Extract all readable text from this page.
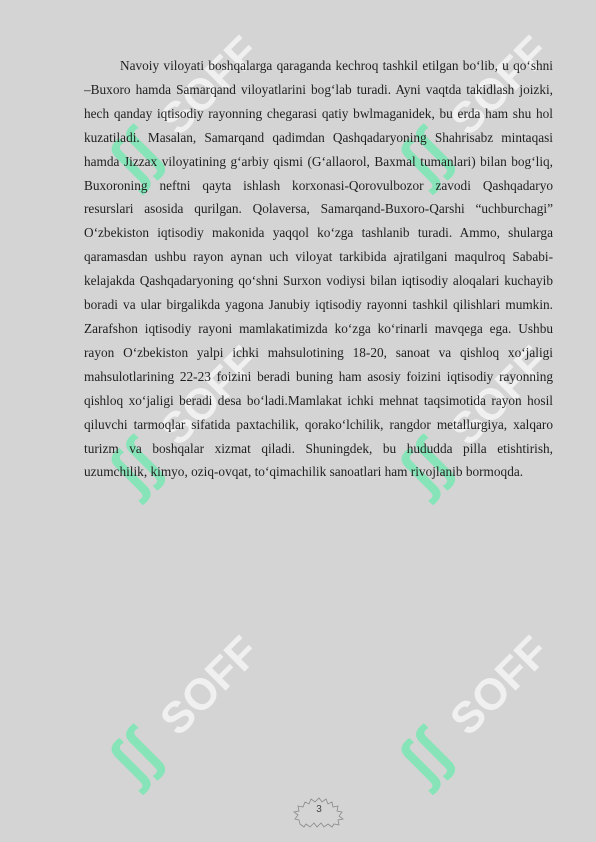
ʃʃ
SOFF
ʃʃ
SOFF
ʃʃ
SOFF
ʃʃ
SOFF
ʃʃ
SOFF
ʃʃ
SOFF

Navoiy viloyati boshqalarga qaraganda kechroq tashkil etilgan bo‘lib, u qo‘shni –Buxoro hamda Samarqand viloyatlarini bog‘lab turadi. Ayni vaqtda takidlash joizki, hech qanday iqtisodiy rayonning chegarasi qatiy bwlmaganidek, bu erda ham shu hol kuzatiladi. Masalan, Samarqand qadimdan Qashqadaryoning Shahrisabz mintaqasi hamda Jizzax viloyatining g‘arbiy qismi (G‘allaorol, Baxmal tumanlari) bilan bog‘liq, Buxoroning neftni qayta ishlash korxonasi-Qorovulbozor zavodi Qashqadaryo resurslari asosida qurilgan. Qolaversa, Samarqand-Buxoro-Qarshi “uchburchagi” O‘zbekiston iqtisodiy makonida yaqqol ko‘zga tashlanib turadi. Ammo, shularga qaramasdan ushbu rayon aynan uch viloyat tarkibida ajratilgani maqulroq Sababi-kelajakda Qashqadaryoning qo‘shni Surxon vodiysi bilan iqtisodiy aloqalari kuchayib boradi va ular birgalikda yagona Janubiy iqtisodiy rayonni tashkil qilishlari mumkin. Zarafshon iqtisodiy rayoni mamlakatimizda ko‘zga ko‘rinarli mavqega ega. Ushbu rayon O‘zbekiston yalpi ichki mahsulotining 18-20, sanoat va qishloq xo‘jaligi mahsulotlarining 22-23 foizini beradi buning ham asosiy foizini iqtisodiy rayonning qishloq xo‘jaligi beradi desa bo‘ladi.Mamlakat ichki mehnat taqsimotida rayon hosil qiluvchi tarmoqlar sifatida paxtachilik, qorako‘lchilik, rangdor metallurgiya, xalqaro turizm va boshqalar xizmat qiladi. Shuningdek, bu hududda pilla etishtirish, uzumchilik, kimyo, oziq-ovqat, to‘qimachilik sanoatlari ham rivojlanib bormoqda.

3
